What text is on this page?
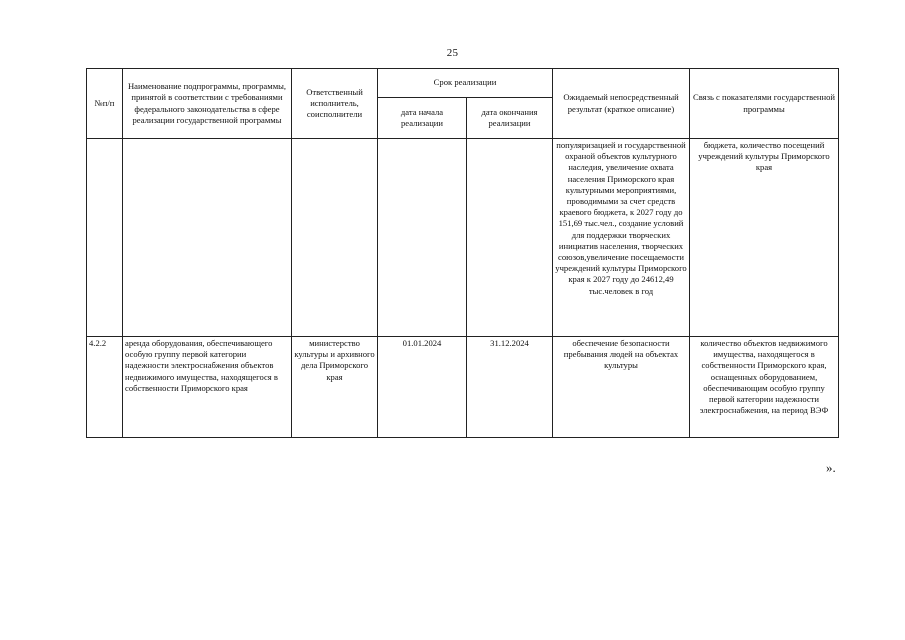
25
№п/п	Наименование подпрограммы, программы, принятой в соответствии с требованиями федерального законодательства в сфере реализации государственной программы	Ответственный исполнитель, соисполнители	Срок реализации		Ожидаемый непосредственный результат (краткое описание)	Связь с показателями государственной программы
			дата начала реализации	дата окончания реализации		
					популяризацией и государственной охраной объектов культурного наследия, увеличение охвата населения Приморского края культурными мероприятиями, проводимыми за счет средств краевого бюджета, к 2027 году до 151,69 тыс.чел., создание условий для поддержки творческих инициатив населения, творческих союзов,увеличение посещаемости учреждений культуры Приморского края к 2027 году до 24612,49 тыс.человек в год	бюджета, количество посещений учреждений культуры Приморского края
4.2.2	аренда оборудования, обеспечивающего особую группу первой категории надежности электроснабжения объектов недвижимого имущества, находящегося в собственности Приморского края	министерство культуры и архивного дела Приморского края	01.01.2024	31.12.2024	обеспечение безопасности пребывания людей на объектах культуры	количество объектов недвижимого имущества, находящегося в собственности Приморского края, оснащенных оборудованием, обеспечивающим особую группу первой категории надежности электроснабжения, на период ВЭФ
».
